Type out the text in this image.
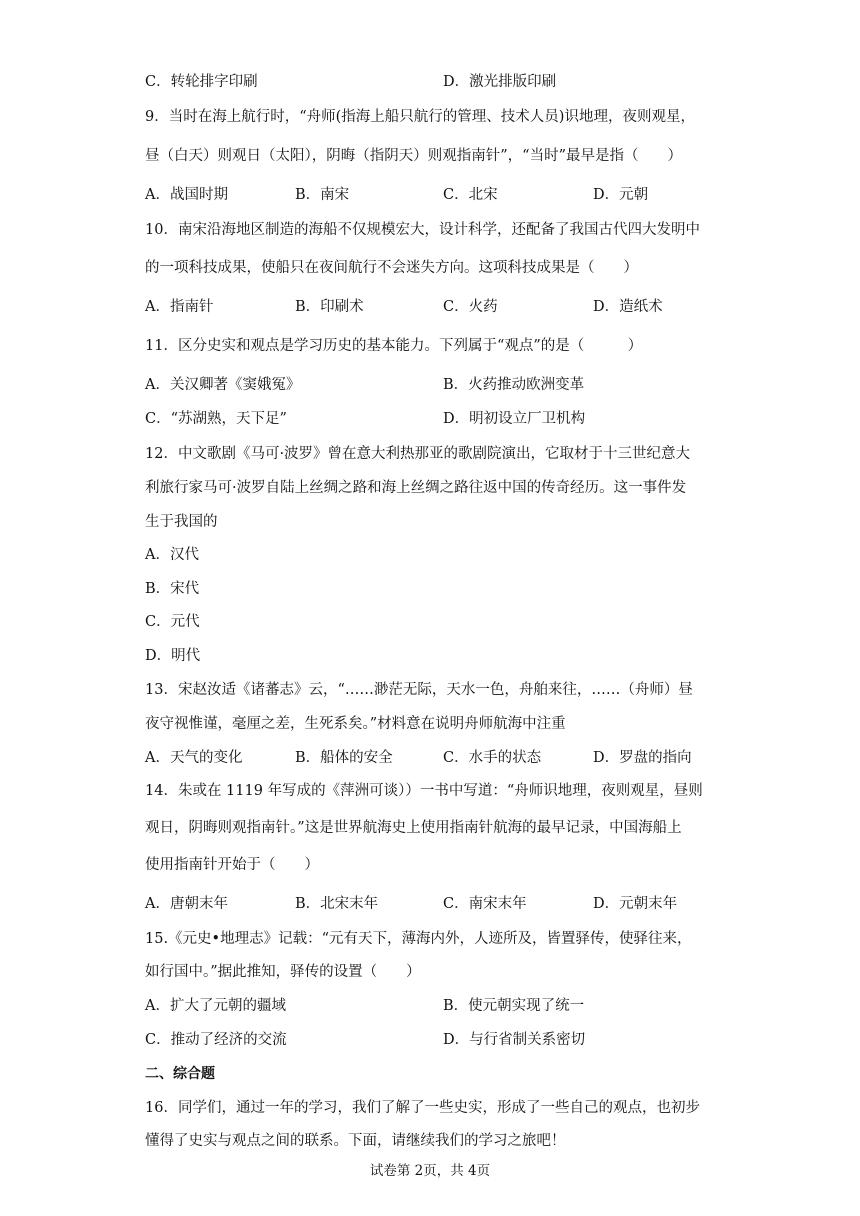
C．转轮排字印刷	D．激光排版印刷
9．当时在海上航行时，“舟师(指海上船只航行的管理、技术人员)识地理，夜则观星，
昼（白天）则观日（太阳），阴晦（指阴天）则观指南针”，“当时”最早是指（　　）
A．战国时期	B．南宋	C．北宋	D．元朝
10．南宋沿海地区制造的海船不仅规模宏大，设计科学，还配备了我国古代四大发明中
的一项科技成果，使船只在夜间航行不会迷失方向。这项科技成果是（　　）
A．指南针	B．印刷术	C．火药	D．造纸术
11．区分史实和观点是学习历史的基本能力。下列属于“观点”的是（　　　）
A．关汉卿著《窦娥冤》	B．火药推动欧洲变革
C．“苏湖熟，天下足”	D．明初设立厂卫机构
12．中文歌剧《马可·波罗》曾在意大利热那亚的歌剧院演出，它取材于十三世纪意大
利旅行家马可·波罗自陆上丝绸之路和海上丝绸之路往返中国的传奇经历。这一事件发
生于我国的
A．汉代
B．宋代
C．元代
D．明代
13．宋赵汝适《诸蕃志》云，“……渺茫无际，天水一色，舟舶来往，……（舟师）昼
夜守视惟谨，毫厘之差，生死系矣。”材料意在说明舟师航海中注重
A．天气的变化	B．船体的安全	C．水手的状态	D．罗盘的指向
14．朱或在 1119 年写成的《萍洲可谈））一书中写道：“舟师识地理，夜则观星，昼则
观日，阴晦则观指南针。”这是世界航海史上使用指南针航海的最早记录，中国海船上
使用指南针开始于（　　）
A．唐朝末年	B．北宋末年	C．南宋末年	D．元朝末年
15.《元史•地理志》记载：“元有天下，薄海内外，人迹所及，皆置驿传，使驿往来，
如行国中。”据此推知，驿传的设置（　　）
A．扩大了元朝的疆域	B．使元朝实现了统一
C．推动了经济的交流	D．与行省制关系密切
二、综合题
16．同学们，通过一年的学习，我们了解了一些史实，形成了一些自己的观点，也初步
懂得了史实与观点之间的联系。下面，请继续我们的学习之旅吧！
试卷第 2页，共 4页
